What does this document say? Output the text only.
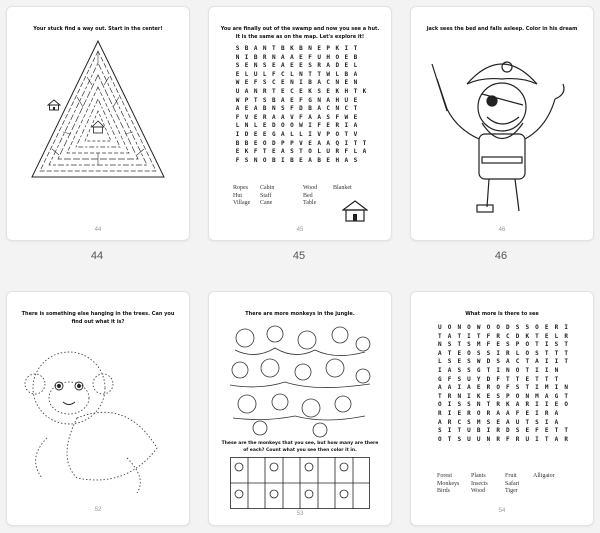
Your stuck find a way out. Start in the center!
44
44
You are finally out of the swamp and now you see a hut. It is the same as on the map. Let's explore it!
S B A N T B K B N E P K I T
N I B R N A A E F U H O E B
S E N S E A E E S R A D E L
E L U L F C L N T T W L B A
W E F S C E N I B A C N E N
U A N R T E C E K S E K H T K
W P T S B A E F G N A H U E
A E A B N S F D B A C N C T
F V E R A A V F A A S F W E
L N L E D O O W I F E R I A
I D E E G A L L I V P O T V
B B E O D P P V E A A Q I T T
E K F T E A S T O L U R F L A
F S N O B I B E A B E H A S
Ropes	Cabin	Wood	Blanket
Hut	Staff	Bed
Village	Cane	Table
45
45
Jack sees the bed and falls asleep. Color in his dream
46
46
There is something else hanging in the trees. Can you find out what it is?
52
There are more monkeys in the jungle.
These are the monkeys that you see, but how many are there of each? Count what you see then color it in.
53
What more is there to see
U	O	N	O	W	O	O	D	S	S	O	E	R	I
T	A	T	I	T	F	R	C	D	K	T	E	L	R
N	S	T	S	M	F	E	S	P	O	T	I	S	T
A	T	E	O	S	S	I	R	L	O	S	T	T	T
L	S	E	S	W	D	S	A	C	T	A	I	I	T
I	A	S	S	G	T	I	N	O	T	I	I	N
G	F	S	U	Y	D	F	T	T	E	T	T	T
A	A	I	A	E	R	O	F	S	T	I	M	I	N
T	R	N	I	K	E	S	P	O	N	M	A	G	T
O	I	S	S	N	T	R	K	A	R	I	I	E	O
R	I	E	R	O	R	A	A	F	E	I	R	A
A	R	C	S	M	S	E	A	U	T	S	I	A
S	I	T	U	B	I	R	D	S	E	F	E	T	T
O	T	S	U	U	N	R	F	R	U	I	T	A	R
Forest	Plants	Fruit	Alligator
Monkeys	Insects	Safari
Birds	Wood	Tiger
54
